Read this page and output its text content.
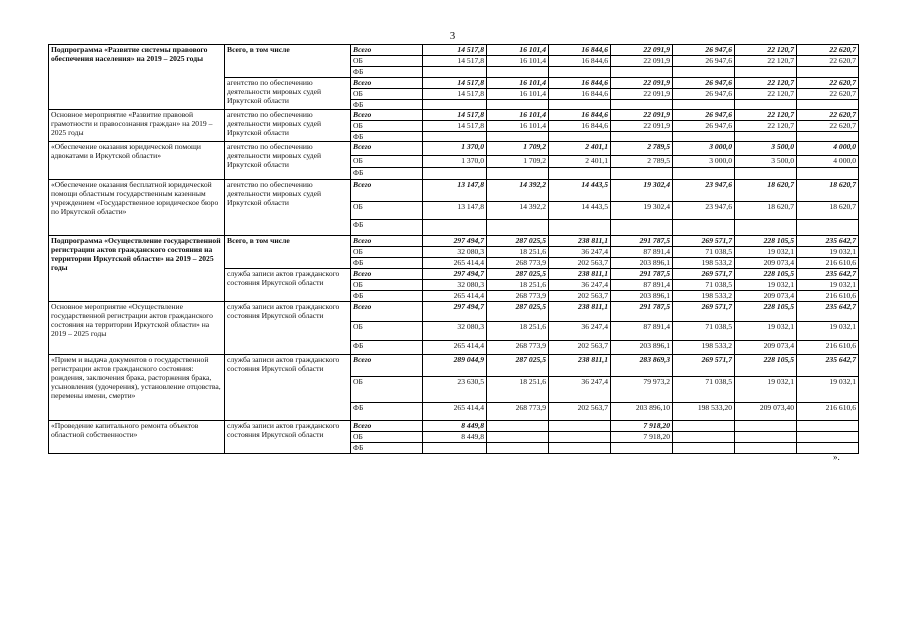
3
Подпрограмма «Развитие системы правового обеспечения населения» на 2019 – 2025 годы	Всего, в том числе	Всего	14 517,8	16 101,4	16 844,6	22 091,9	26 947,6	22 120,7	22 620,7
		ОБ	14 517,8	16 101,4	16 844,6	22 091,9	26 947,6	22 120,7	22 620,7
		ФБ							
	агентство по обеспечению деятельности мировых судей Иркутской области	Всего	14 517,8	16 101,4	16 844,6	22 091,9	26 947,6	22 120,7	22 620,7
		ОБ	14 517,8	16 101,4	16 844,6	22 091,9	26 947,6	22 120,7	22 620,7
		ФБ							
Основное мероприятие «Развитие правовой грамотности и правосознания граждан» на 2019 – 2025 годы	агентство по обеспечению деятельности мировых судей Иркутской области	Всего	14 517,8	16 101,4	16 844,6	22 091,9	26 947,6	22 120,7	22 620,7
		ОБ	14 517,8	16 101,4	16 844,6	22 091,9	26 947,6	22 120,7	22 620,7
		ФБ							
«Обеспечение оказания юридической помощи адвокатами в Иркутской области»	агентство по обеспечению деятельности мировых судей Иркутской области	Всего	1 370,0	1 709,2	2 401,1	2 789,5	3 000,0	3 500,0	4 000,0
		ОБ	1 370,0	1 709,2	2 401,1	2 789,5	3 000,0	3 500,0	4 000,0
		ФБ							
«Обеспечение оказания бесплатной юридической помощи областным государственным казенным учреждением «Государственное юридическое бюро по Иркутской области»	агентство по обеспечению деятельности мировых судей Иркутской области	Всего	13 147,8	14 392,2	14 443,5	19 302,4	23 947,6	18 620,7	18 620,7
		ОБ	13 147,8	14 392,2	14 443,5	19 302,4	23 947,6	18 620,7	18 620,7
		ФБ							
Подпрограмма «Осуществление государственной регистрации актов гражданского состояния на территории Иркутской области» на 2019 – 2025 годы	Всего, в том числе	Всего	297 494,7	287 025,5	238 811,1	291 787,5	269 571,7	228 105,5	235 642,7
		ОБ	32 080,3	18 251,6	36 247,4	87 891,4	71 038,5	19 032,1	19 032,1
		ФБ	265 414,4	268 773,9	202 563,7	203 896,1	198 533,2	209 073,4	216 610,6
	служба записи актов гражданского состояния Иркутской области	Всего	297 494,7	287 025,5	238 811,1	291 787,5	269 571,7	228 105,5	235 642,7
		ОБ	32 080,3	18 251,6	36 247,4	87 891,4	71 038,5	19 032,1	19 032,1
		ФБ	265 414,4	268 773,9	202 563,7	203 896,1	198 533,2	209 073,4	216 610,6
Основное мероприятие «Осуществление государственной регистрации актов гражданского состояния на территории Иркутской области» на 2019 – 2025 годы	служба записи актов гражданского состояния Иркутской области	Всего	297 494,7	287 025,5	238 811,1	291 787,5	269 571,7	228 105,5	235 642,7
		ОБ	32 080,3	18 251,6	36 247,4	87 891,4	71 038,5	19 032,1	19 032,1
		ФБ	265 414,4	268 773,9	202 563,7	203 896,1	198 533,2	209 073,4	216 610,6
«Прием и выдача документов о государственной регистрации актов гражданского состояния: рождения, заключения брака, расторжения брака, усыновления (удочерения), установление отцовства, перемены имени, смерти»	служба записи актов гражданского состояния Иркутской области	Всего	289 044,9	287 025,5	238 811,1	283 869,3	269 571,7	228 105,5	235 642,7
		ОБ	23 630,5	18 251,6	36 247,4	79 973,2	71 038,5	19 032,1	19 032,1
		ФБ	265 414,4	268 773,9	202 563,7	203 896,10	198 533,20	209 073,40	216 610,6
«Проведение капитального ремонта объектов областной собственности»	служба записи актов гражданского состояния Иркутской области	Всего	8 449,8			7 918,20			
		ОБ	8 449,8			7 918,20			
		ФБ							
».
